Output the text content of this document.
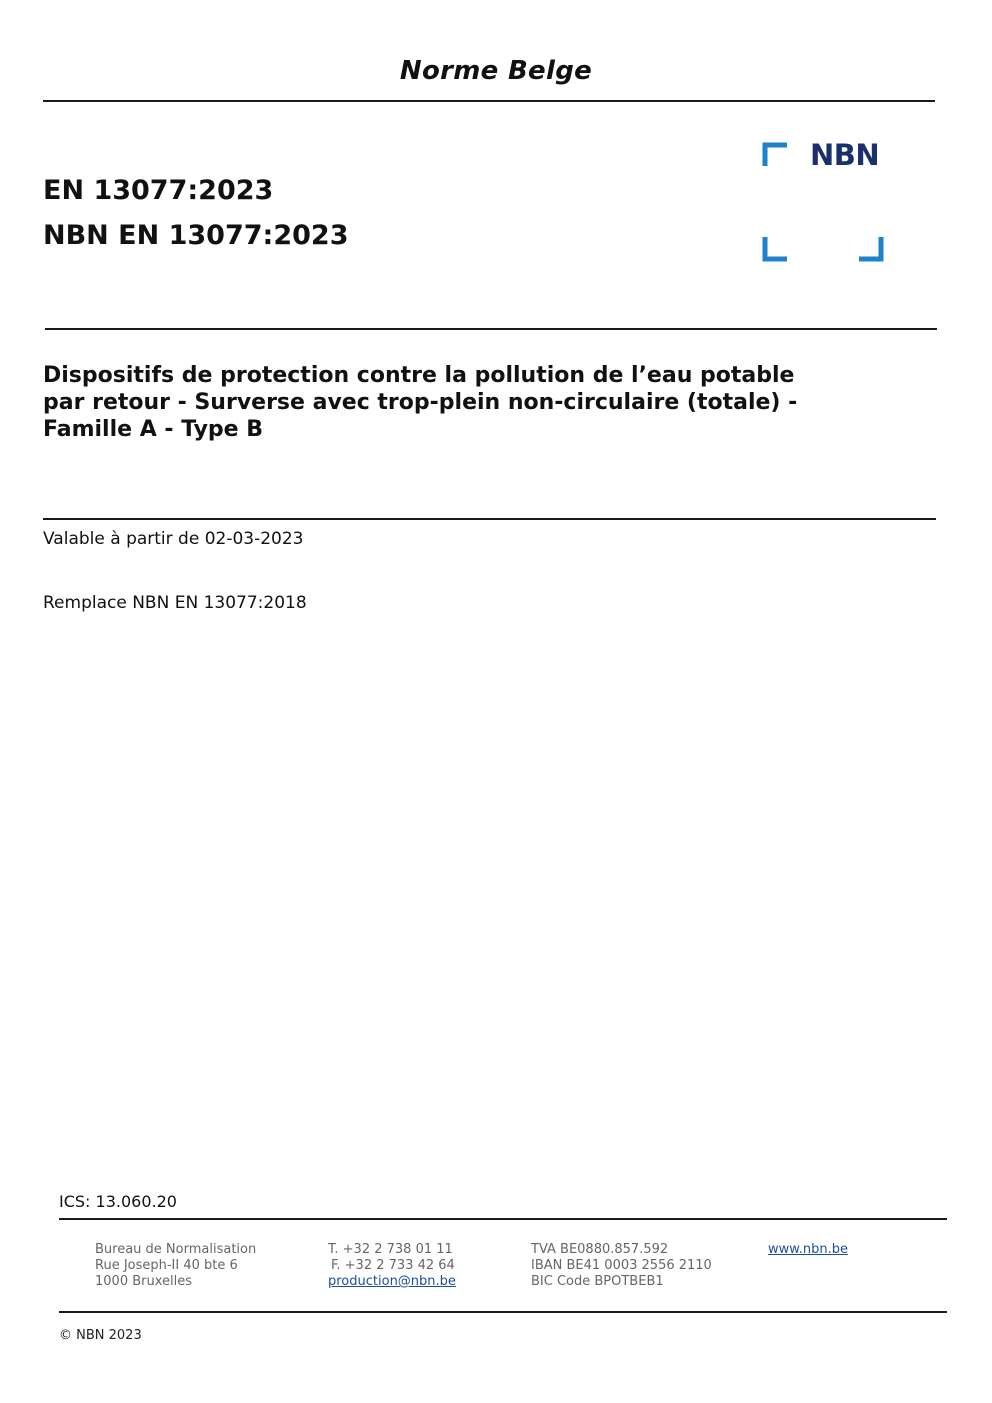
Norme Belge
NBN
EN 13077:2023
NBN EN 13077:2023
Dispositifs de protection contre la pollution de l’eau potable
par retour - Surverse avec trop-plein non-circulaire (totale) -
Famille A - Type B
Valable à partir de 02-03-2023
Remplace NBN EN 13077:2018
ICS: 13.060.20
Bureau de Normalisation
Rue Joseph-II 40 bte 6
1000 Bruxelles
T. +32 2 738 01 11
F. +32 2 733 42 64
production@nbn.be
TVA BE0880.857.592
IBAN BE41 0003 2556 2110
BIC Code BPOTBEB1
www.nbn.be
© NBN 2023
